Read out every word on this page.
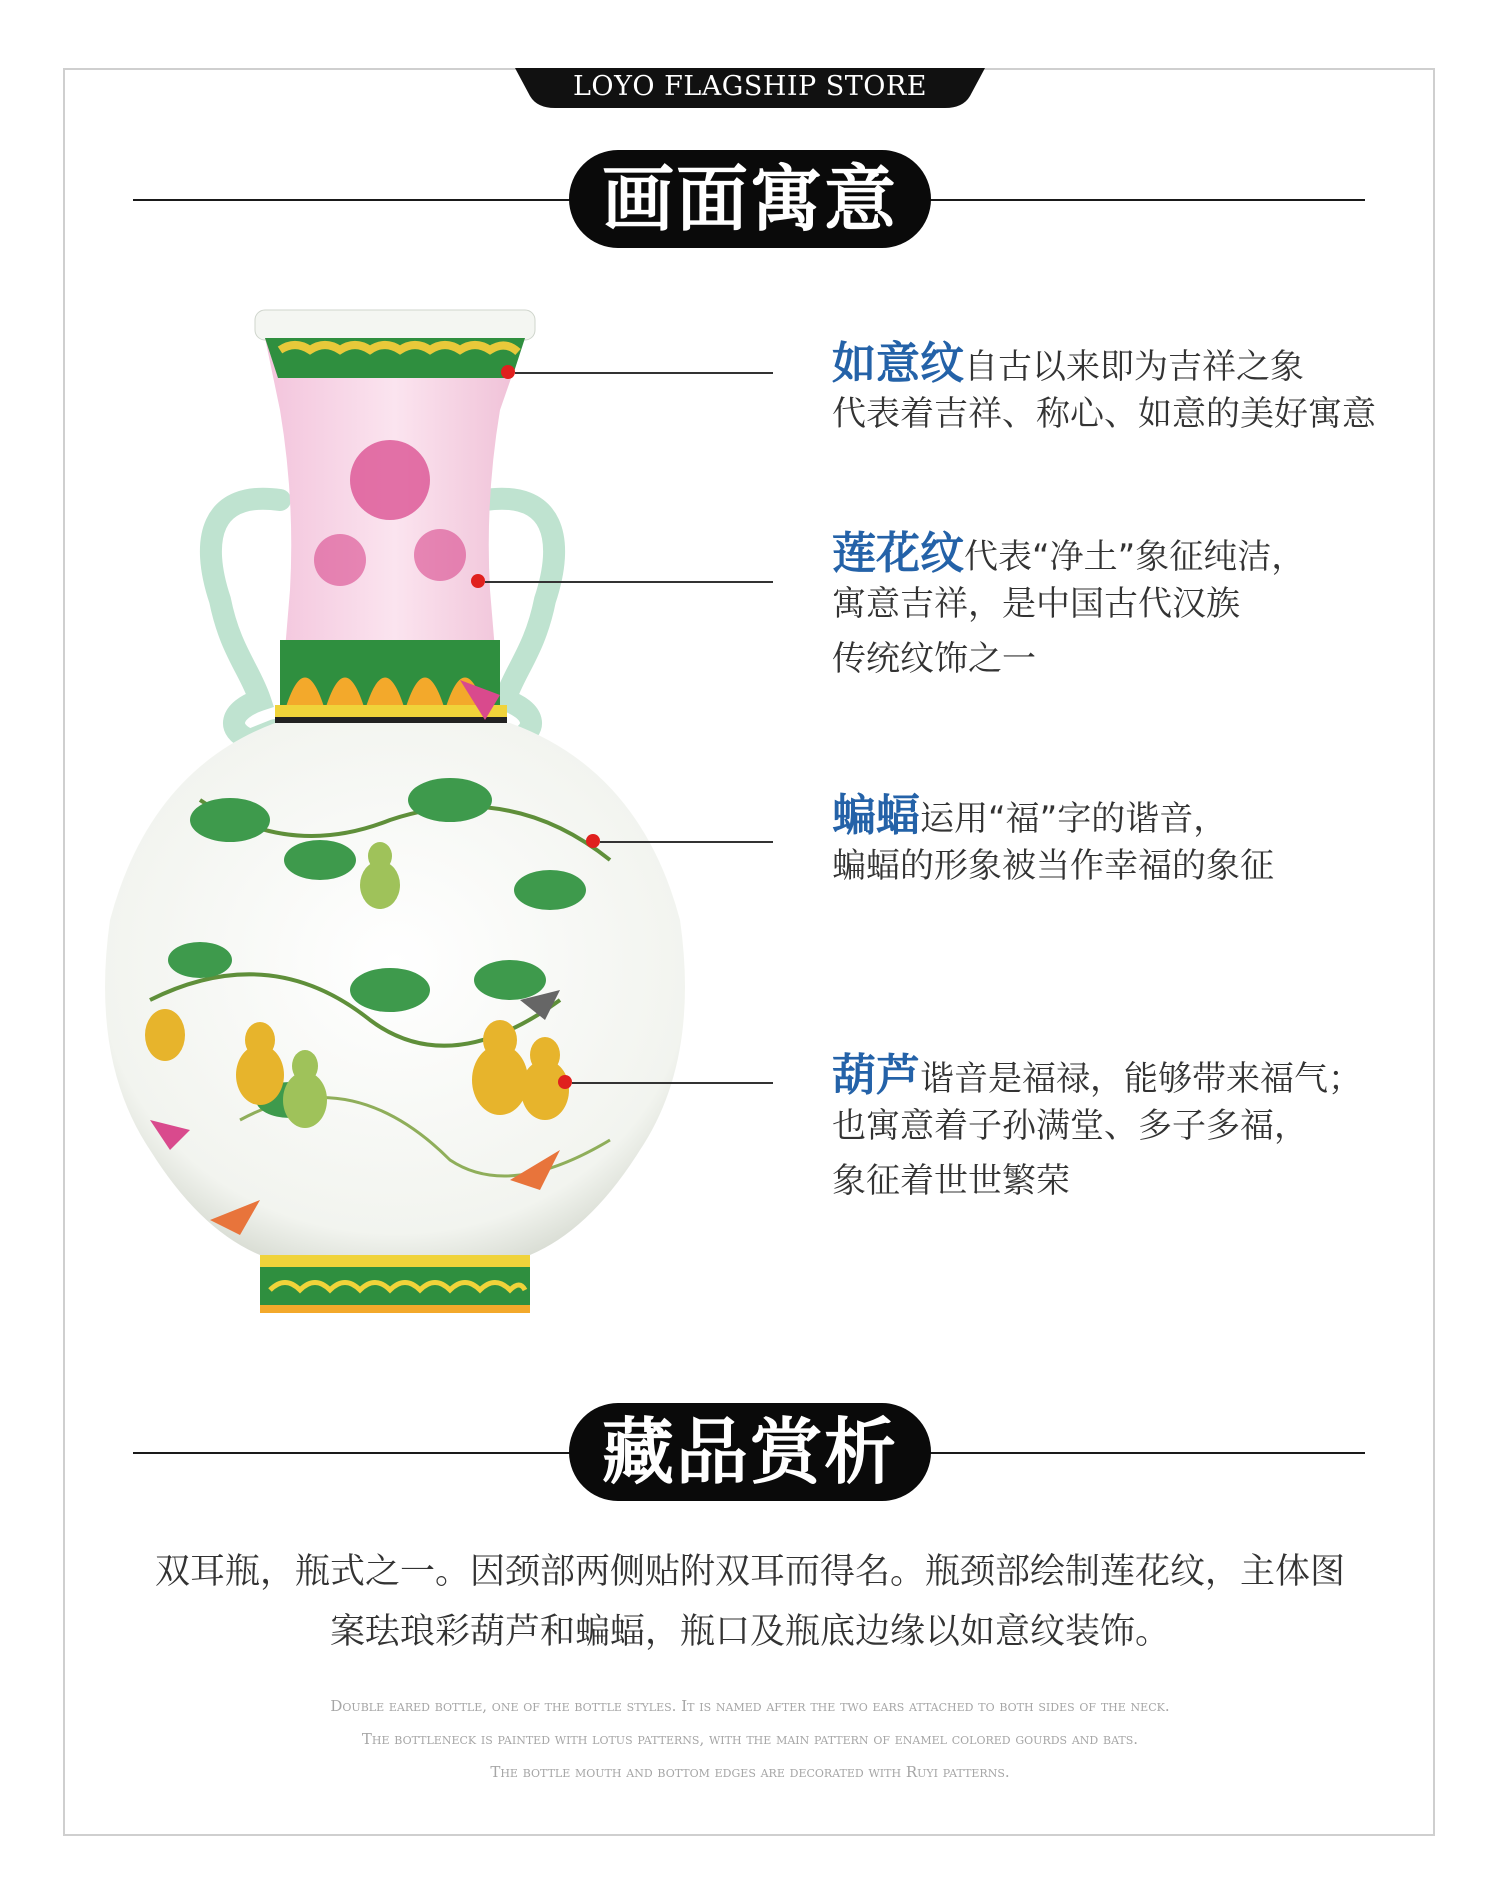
LOYO FLAGSHIP STORE
画面寓意
如意纹自古以来即为吉祥之象
代表着吉祥、称心、如意的美好寓意
莲花纹代表“净土”象征纯洁，
寓意吉祥，是中国古代汉族
传统纹饰之一
蝙蝠运用“福”字的谐音，
蝙蝠的形象被当作幸福的象征
葫芦谐音是福禄，能够带来福气；
也寓意着子孙满堂、多子多福，
象征着世世繁荣
藏品赏析
双耳瓶，瓶式之一。因颈部两侧贴附双耳而得名。瓶颈部绘制莲花纹，主体图
案珐琅彩葫芦和蝙蝠，瓶口及瓶底边缘以如意纹装饰。
Double eared bottle, one of the bottle styles. It is named after the two ears attached to both sides of the neck.
The bottleneck is painted with lotus patterns, with the main pattern of enamel colored gourds and bats.
The bottle mouth and bottom edges are decorated with Ruyi patterns.
